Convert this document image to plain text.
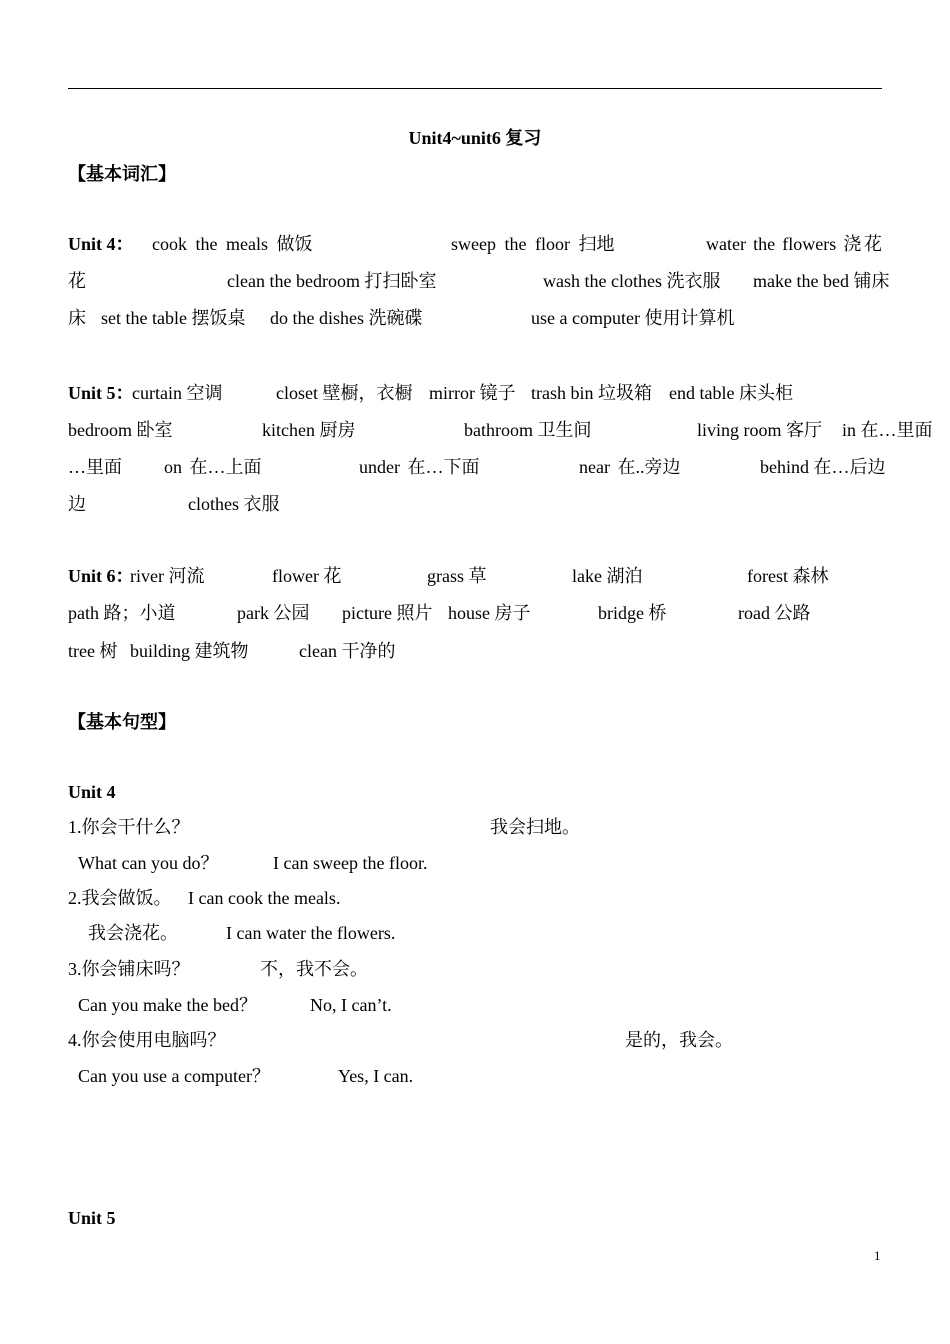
Unit4~unit6 复习
【基本词汇】
Unit 4： cook the meals 做饭	sweep the floor 扫地	water the flowers 浇花
clean the bedroom 打扫卧室	wash the clothes 洗衣服 make the bed 铺床
set the table 摆饭桌 do the dishes 洗碗碟	use a computer 使用计算机
花
床
Unit 5：
curtain 空调	closet 壁橱，衣橱 mirror 镜子 trash bin 垃圾箱 end table 床头柜
bedroom 卧室	kitchen 厨房	bathroom 卫生间	living room 客厅 in 在…里面
…里面 on 在…上面	under 在…下面	near 在..旁边	behind 在…后边
边	clothes 衣服
Unit 6：
river 河流	flower 花	grass 草	lake 湖泊	forest 森林
path 路；小道	park 公园 picture 照片 house 房子	bridge 桥	road 公路
tree 树 building 建筑物	clean 干净的
【基本句型】
Unit 4
1.你会干什么？	我会扫地。
What can you do？	I can sweep the floor.
2.我会做饭。 I can cook the meals.
我会浇花。	I can water the flowers.
3.你会铺床吗？	不，我不会。
Can you make the bed？	No, I can’t.
4.你会使用电脑吗？	是的，我会。
Can you use a computer？	Yes, I can.
Unit 5
1
